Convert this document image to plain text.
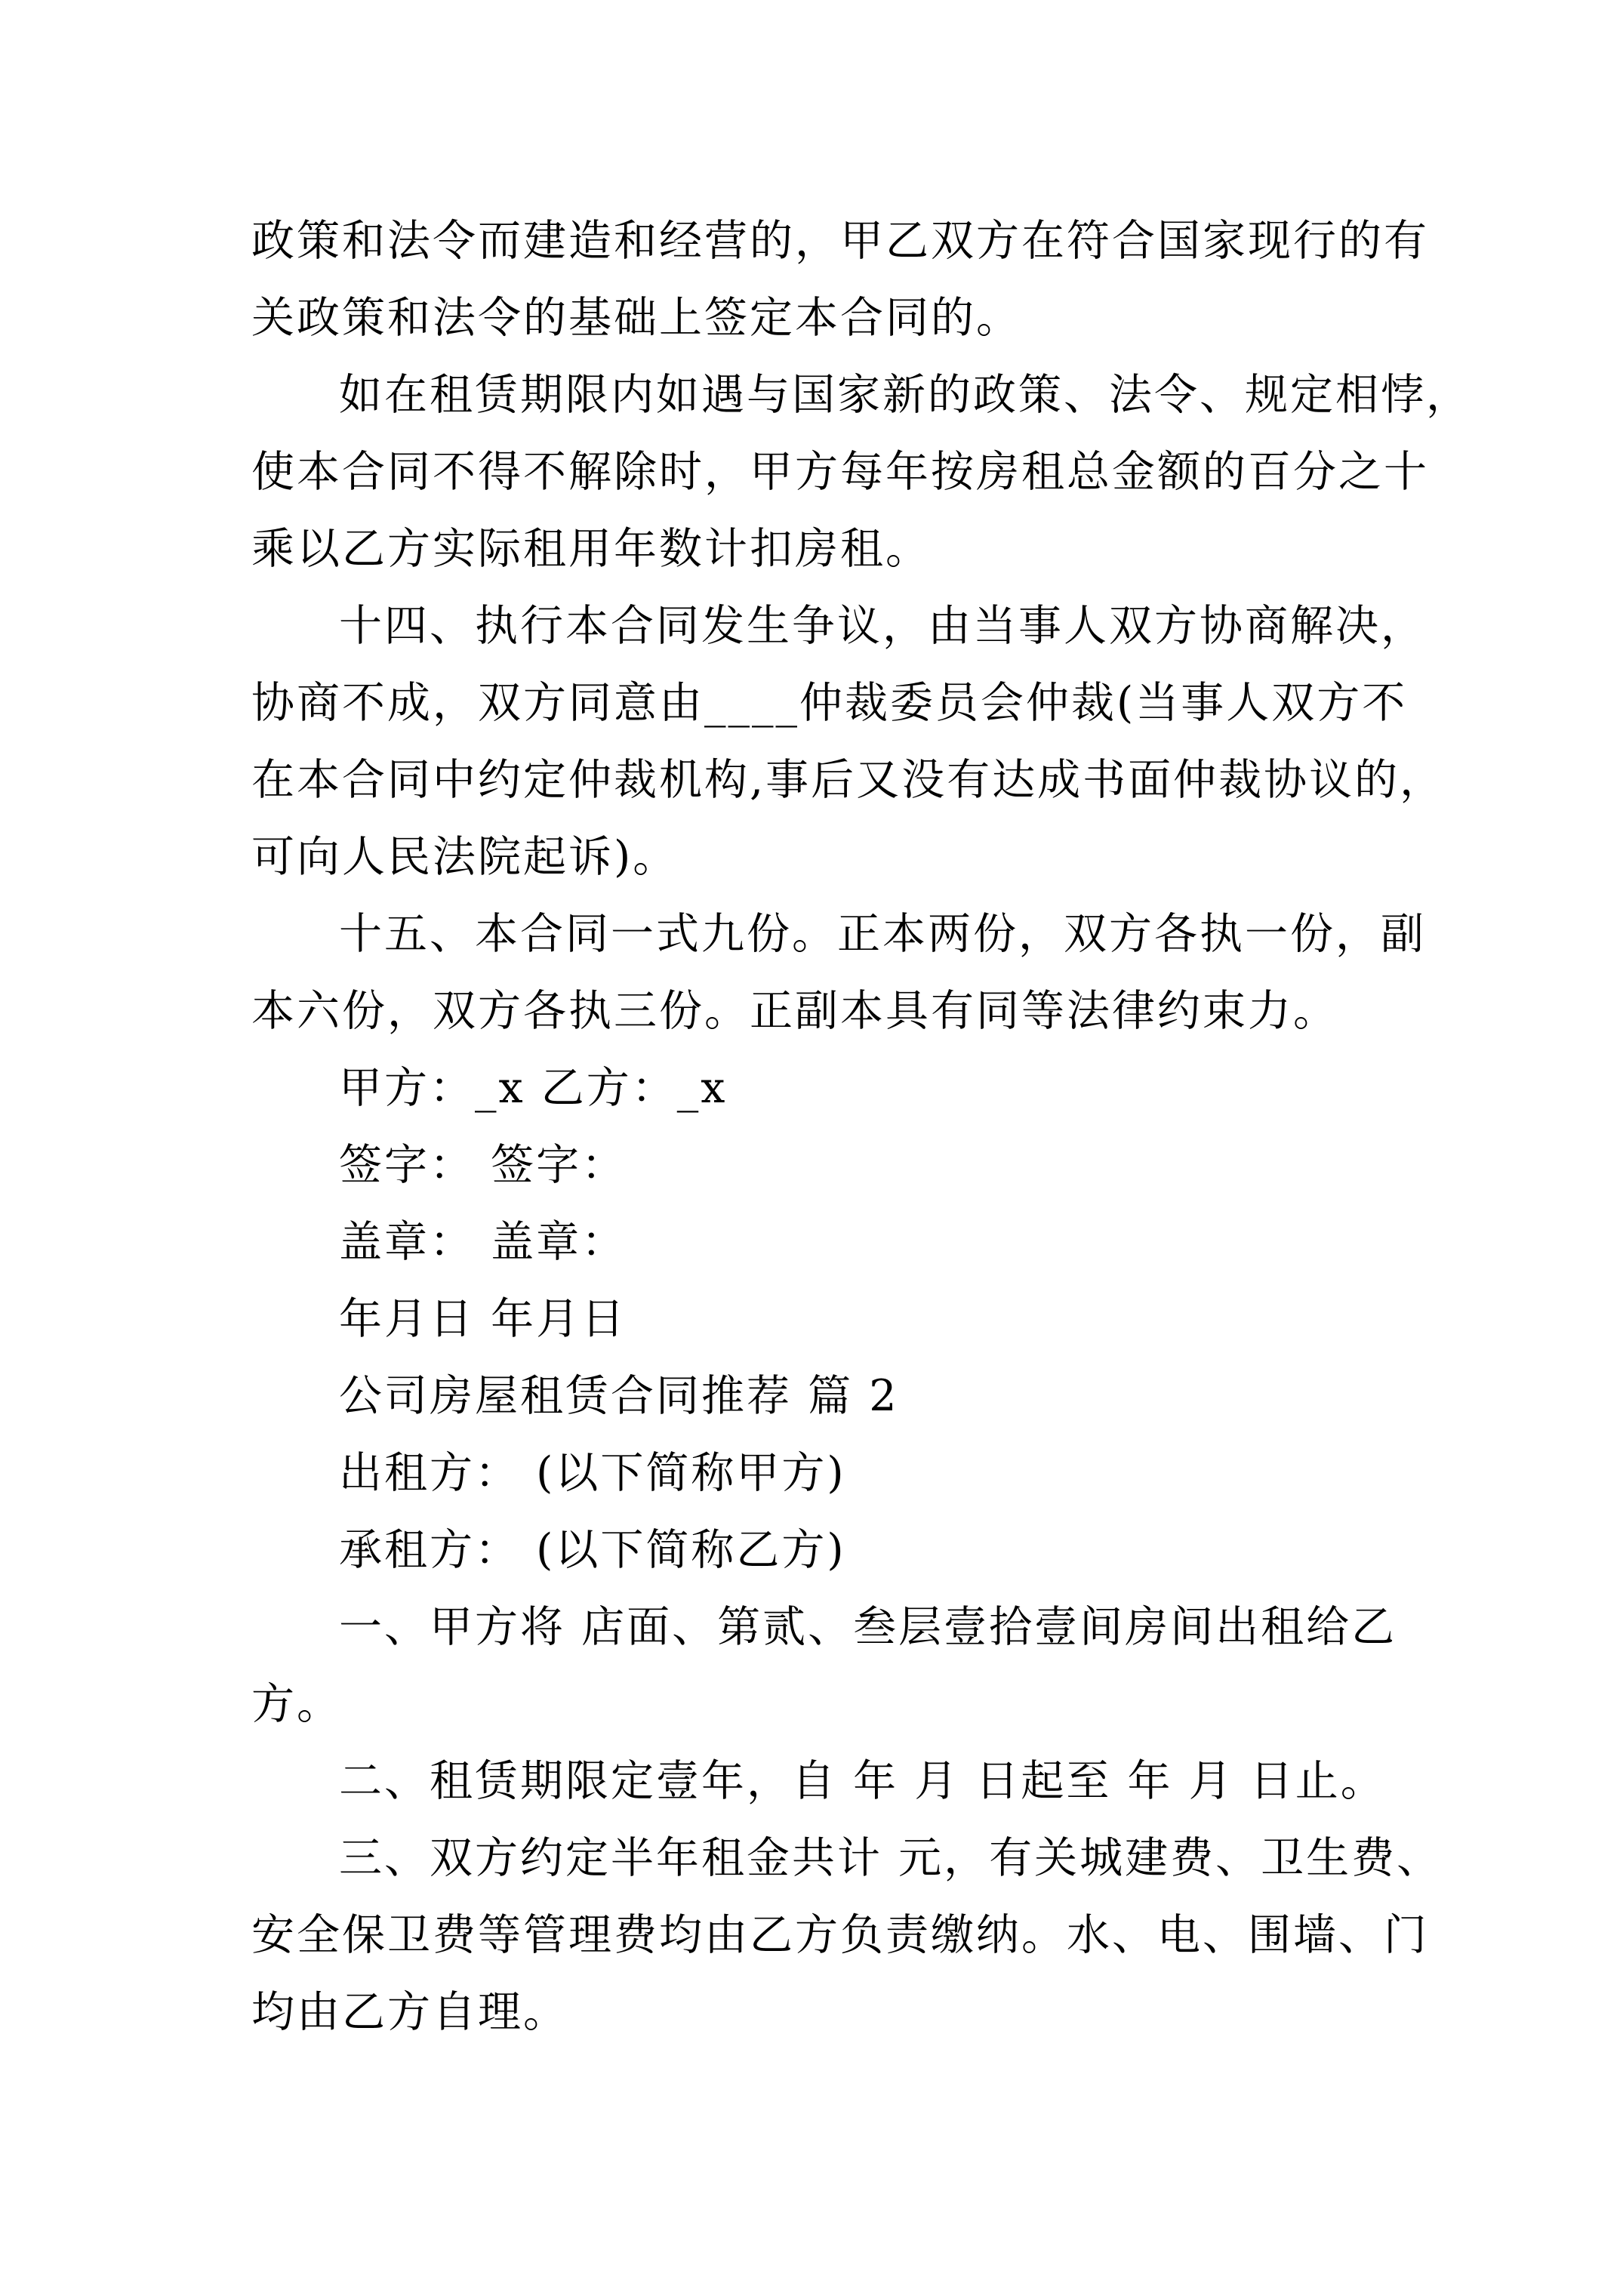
政策和法令而建造和经营的，甲乙双方在符合国家现行的有
关政策和法令的基础上签定本合同的。
如在租赁期限内如遇与国家新的政策、法令、规定相悖，
使本合同不得不解除时，甲方每年按房租总金额的百分之十
乘以乙方实际租用年数计扣房租。
十四、执行本合同发生争议，由当事人双方协商解决，
协商不成，双方同意由____仲裁委员会仲裁(当事人双方不
在本合同中约定仲裁机构,事后又没有达成书面仲裁协议的，
可向人民法院起诉)。
十五、本合同一式九份。正本两份，双方各执一份，副
本六份，双方各执三份。正副本具有同等法律约束力。
甲方：_x 乙方：_x
签字： 签字：
盖章： 盖章：
年月日 年月日
公司房屋租赁合同推荐 篇 2
出租方： (以下简称甲方)
承租方： (以下简称乙方)
一、甲方将 店面、第贰、叁层壹拾壹间房间出租给乙
方。
二、租赁期限定壹年，自 年 月 日起至 年 月 日止。
三、双方约定半年租金共计 元，有关城建费、卫生费、
安全保卫费等管理费均由乙方负责缴纳。水、电、围墙、门
均由乙方自理。
